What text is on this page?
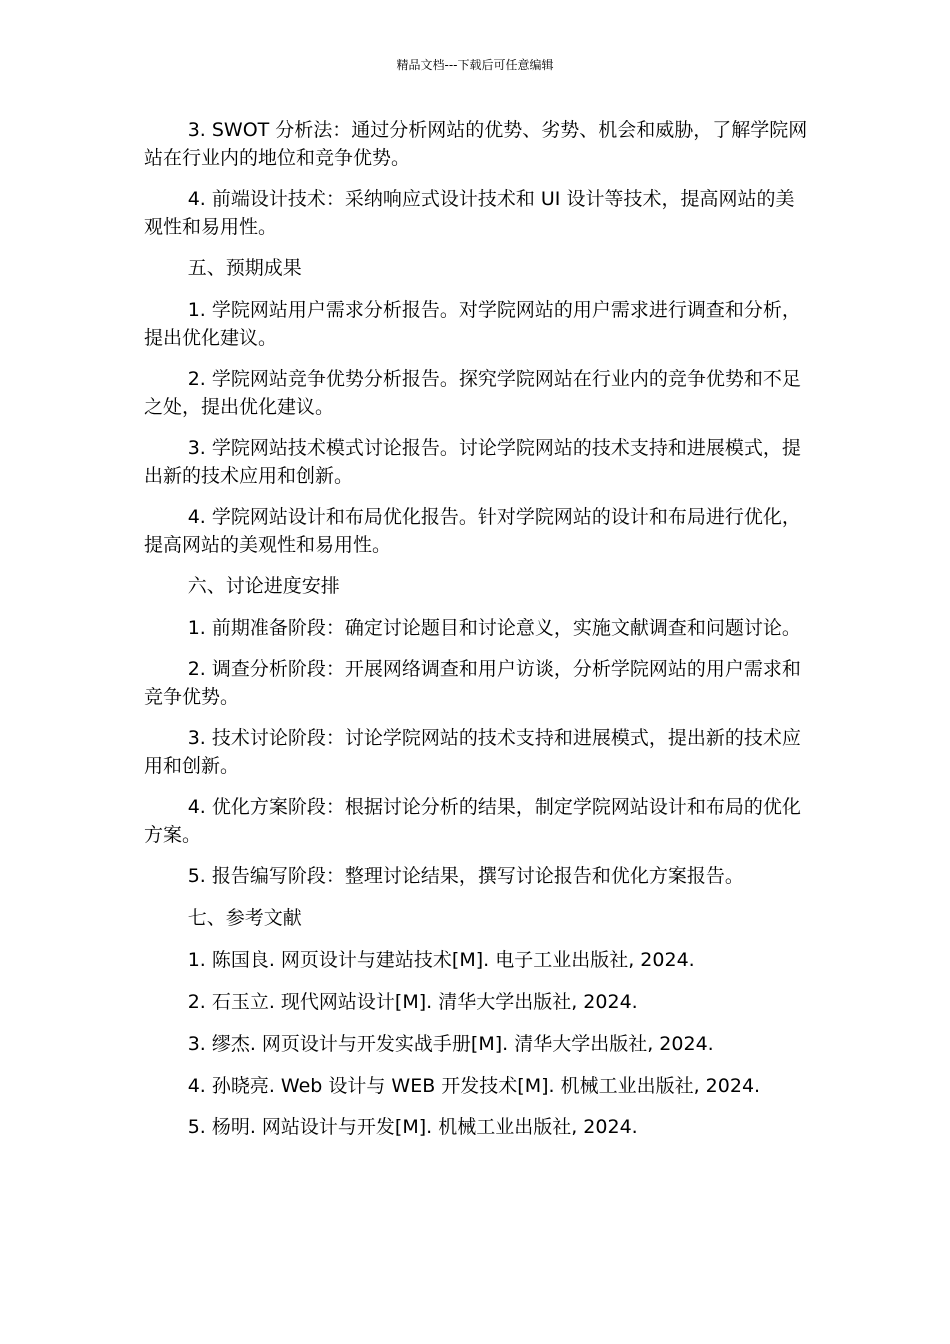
精品文档---下载后可任意编辑

3. SWOT 分析法：通过分析网站的优势、劣势、机会和威胁，了解学院网站在行业内的地位和竞争优势。

4. 前端设计技术：采纳响应式设计技术和 UI 设计等技术，提高网站的美观性和易用性。

五、预期成果

1. 学院网站用户需求分析报告。对学院网站的用户需求进行调查和分析，提出优化建议。

2. 学院网站竞争优势分析报告。探究学院网站在行业内的竞争优势和不足之处，提出优化建议。

3. 学院网站技术模式讨论报告。讨论学院网站的技术支持和进展模式，提出新的技术应用和创新。

4. 学院网站设计和布局优化报告。针对学院网站的设计和布局进行优化，提高网站的美观性和易用性。

六、讨论进度安排

1. 前期准备阶段：确定讨论题目和讨论意义，实施文献调查和问题讨论。

2. 调查分析阶段：开展网络调查和用户访谈，分析学院网站的用户需求和竞争优势。

3. 技术讨论阶段：讨论学院网站的技术支持和进展模式，提出新的技术应用和创新。

4. 优化方案阶段：根据讨论分析的结果，制定学院网站设计和布局的优化方案。

5. 报告编写阶段：整理讨论结果，撰写讨论报告和优化方案报告。

七、参考文献

1. 陈国良. 网页设计与建站技术[M]. 电子工业出版社, 2024.

2. 石玉立. 现代网站设计[M]. 清华大学出版社, 2024.

3. 缪杰. 网页设计与开发实战手册[M]. 清华大学出版社, 2024.

4. 孙晓亮. Web 设计与 WEB 开发技术[M]. 机械工业出版社, 2024.

5. 杨明. 网站设计与开发[M]. 机械工业出版社, 2024.
